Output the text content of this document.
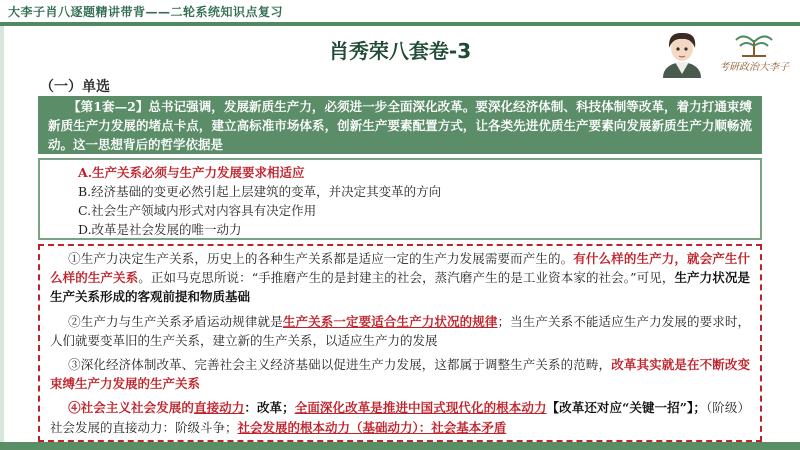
大李子肖八逐题精讲带背——二轮系统知识点复习
肖秀荣八套卷-3
考研政治大李子
（一）单选
【第1套—2】总书记强调，发展新质生产力，必须进一步全面深化改革。要深化经济体制、科技体制等改革，着力打通束缚新质生产力发展的堵点卡点，建立高标准市场体系，创新生产要素配置方式，让各类先进优质生产要素向发展新质生产力顺畅流动。这一思想背后的哲学依据是
A.生产关系必须与生产力发展要求相适应
B.经济基础的变更必然引起上层建筑的变革，并决定其变革的方向
C.社会生产领域内形式对内容具有决定作用
D.改革是社会发展的唯一动力
①生产力决定生产关系，历史上的各种生产关系都是适应一定的生产力发展需要而产生的。有什么样的生产力，就会产生什么样的生产关系。正如马克思所说：“手推磨产生的是封建主的社会，蒸汽磨产生的是工业资本家的社会。”可见，生产力状况是生产关系形成的客观前提和物质基础
②生产力与生产关系矛盾运动规律就是生产关系一定要适合生产力状况的规律；当生产关系不能适应生产力发展的要求时，人们就要变革旧的生产关系，建立新的生产关系，以适应生产力的发展
③深化经济体制改革、完善社会主义经济基础以促进生产力发展，这都属于调整生产关系的范畴，改革其实就是在不断改变束缚生产力发展的生产关系
④社会主义社会发展的直接动力：改革；全面深化改革是推进中国式现代化的根本动力【改革还对应“关键一招”】；（阶级）社会发展的直接动力：阶级斗争；社会发展的根本动力（基础动力）：社会基本矛盾
